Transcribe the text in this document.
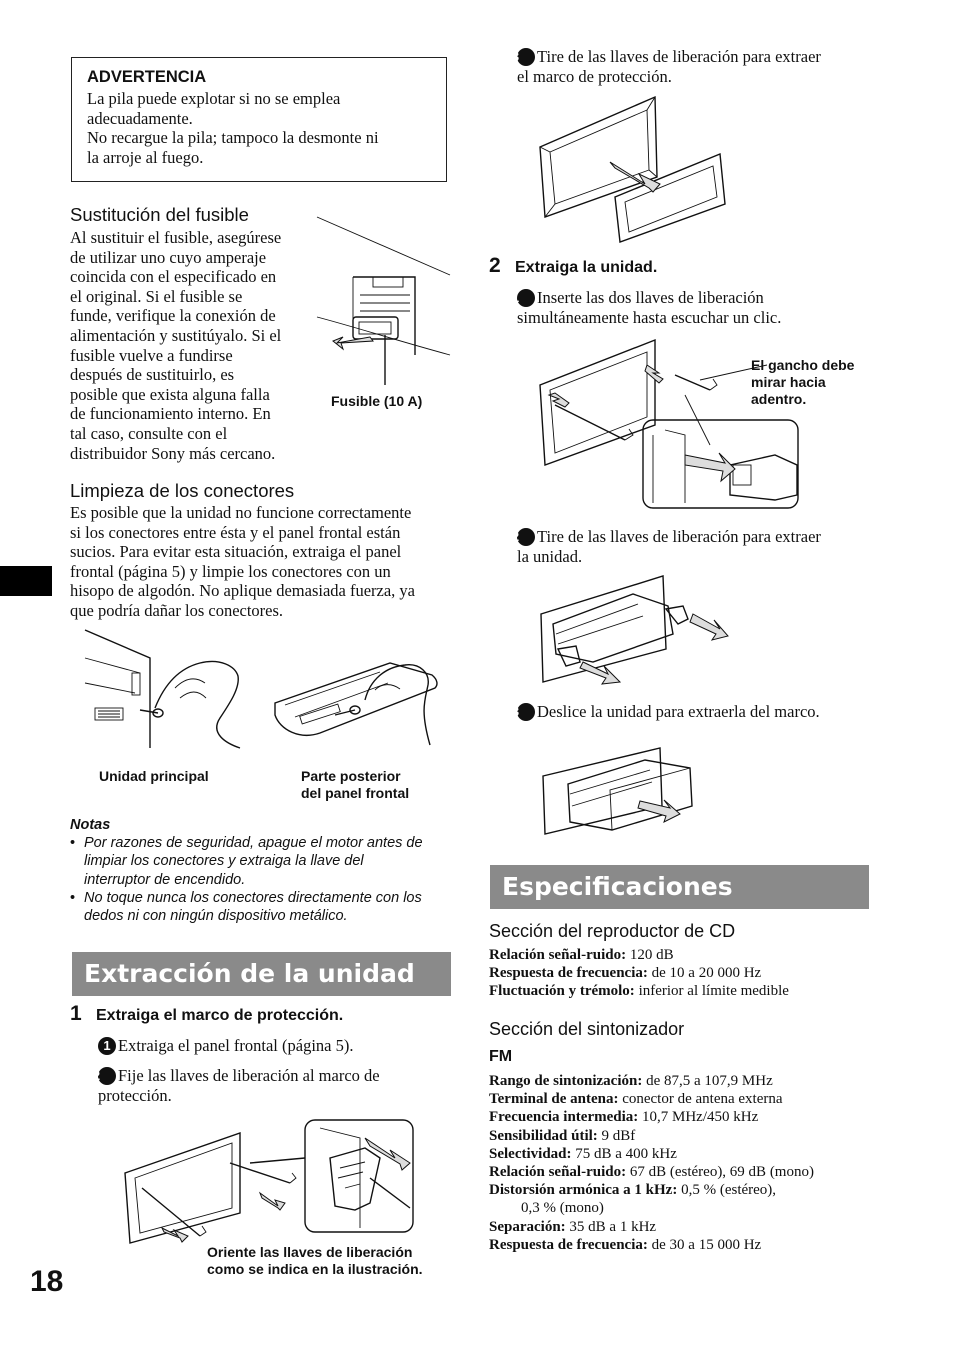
ADVERTENCIA
La pila puede explotar si no se emplea
adecuadamente.
No recargue la pila; tampoco la desmonte ni
la arroje al fuego.
Sustitución del fusible
Al sustituir el fusible, asegúrese
de utilizar uno cuyo amperaje
coincida con el especificado en
el original. Si el fusible se
funde, verifique la conexión de
alimentación y sustitúyalo. Si el
fusible vuelve a fundirse
después de sustituirlo, es
posible que exista alguna falla
de funcionamiento interno. En
tal caso, consulte con el
distribuidor Sony más cercano.
Fusible (10 A)
Limpieza de los conectores
Es posible que la unidad no funcione correctamente
si los conectores entre ésta y el panel frontal están
sucios. Para evitar esta situación, extraiga el panel
frontal (página 5) y limpie los conectores con un
hisopo de algodón. No aplique demasiada fuerza, ya
que podría dañar los conectores.
Unidad principal	Parte posterior
del panel frontal
Notas
• Por razones de seguridad, apague el motor antes de
limpiar los conectores y extraiga la llave del
interruptor de encendido.
• No toque nunca los conectores directamente con los
dedos ni con ningún dispositivo metálico.
Extracción de la unidad
1 Extraiga el marco de protección.
1 Extraiga el panel frontal (página 5).
2 Fije las llaves de liberación al marco de
protección.
Oriente las llaves de liberación
como se indica en la ilustración.
18
3 Tire de las llaves de liberación para extraer
el marco de protección.
2 Extraiga la unidad.
1 Inserte las dos llaves de liberación
simultáneamente hasta escuchar un clic.
El gancho debe
mirar hacia
adentro.
2 Tire de las llaves de liberación para extraer
la unidad.
3 Deslice la unidad para extraerla del marco.
Especificaciones
Sección del reproductor de CD
Relación señal-ruido: 120 dB
Respuesta de frecuencia: de 10 a 20 000 Hz
Fluctuación y trémolo: inferior al límite medible
Sección del sintonizador
FM
Rango de sintonización: de 87,5 a 107,9 MHz
Terminal de antena: conector de antena externa
Frecuencia intermedia: 10,7 MHz/450 kHz
Sensibilidad útil: 9 dBf
Selectividad: 75 dB a 400 kHz
Relación señal-ruido: 67 dB (estéreo), 69 dB (mono)
Distorsión armónica a 1 kHz: 0,5 % (estéreo),
0,3 % (mono)
Separación: 35 dB a 1 kHz
Respuesta de frecuencia: de 30 a 15 000 Hz
